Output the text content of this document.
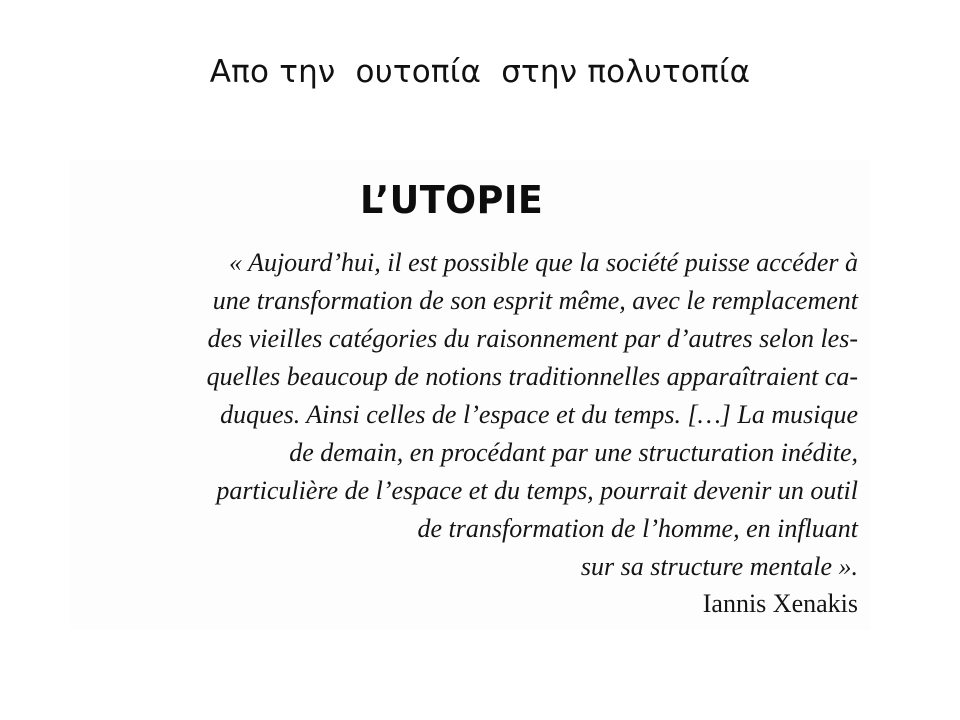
Απο την  ουτοπία  στην πολυτοπία
L’UTOPIE
« Aujourd’hui, il est possible que la société puisse accéder à
une transformation de son esprit même, avec le remplacement
des vieilles catégories du raisonnement par d’autres selon les-
quelles beaucoup de notions traditionnelles apparaîtraient ca-
duques. Ainsi celles de l’espace et du temps. […] La musique
de demain, en procédant par une structuration inédite,
particulière de l’espace et du temps, pourrait devenir un outil
de transformation de l’homme, en influant
sur sa structure mentale ».
Iannis Xenakis
